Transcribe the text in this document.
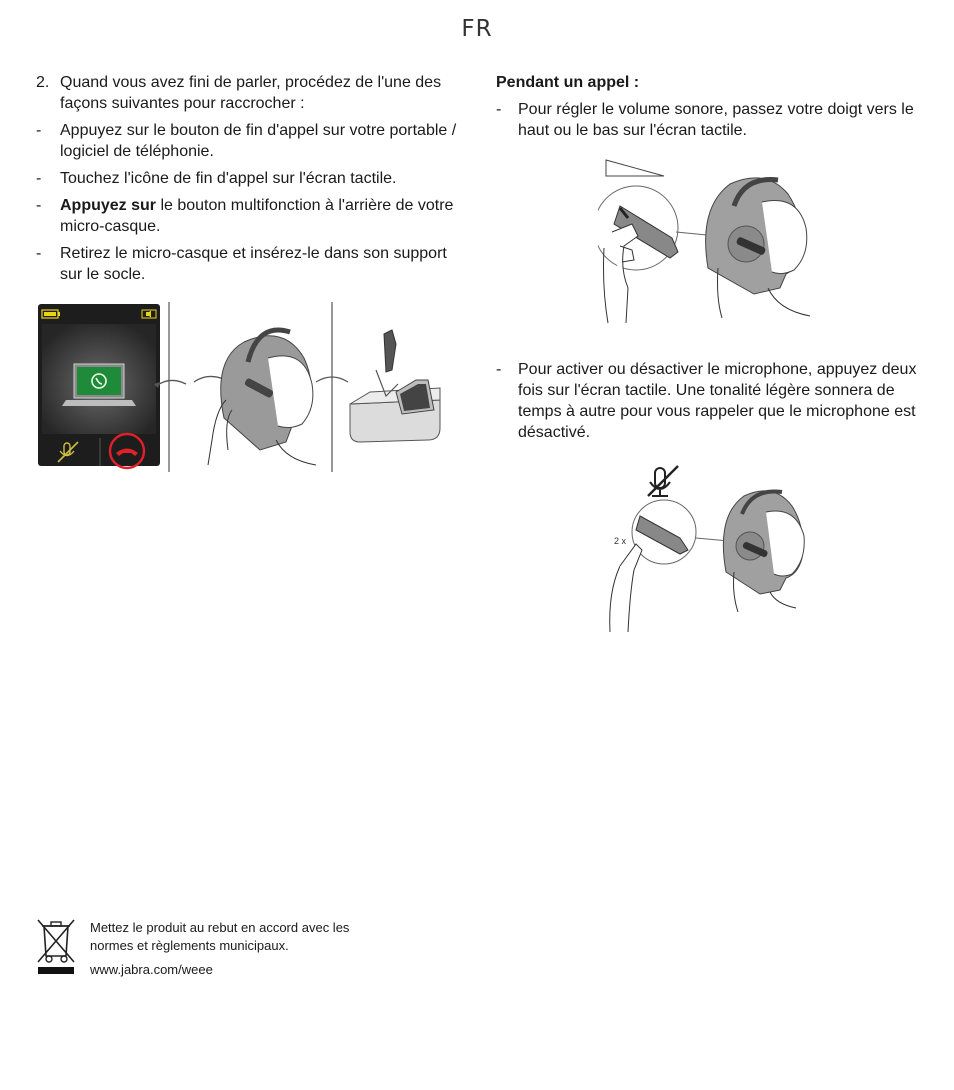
FR
2. Quand vous avez fini de parler, procédez de l'une des façons suivantes pour raccrocher :
- Appuyez sur le bouton de fin d'appel sur votre portable / logiciel de téléphonie.
- Touchez l'icône de fin d'appel sur l'écran tactile.
- Appuyez sur le bouton multifonction à l'arrière de votre micro-casque.
- Retirez le micro-casque et insérez-le dans son support sur le socle.
Pendant un appel :
- Pour régler le volume sonore, passez votre doigt vers le haut ou le bas sur l'écran tactile.
- Pour activer ou désactiver le microphone, appuyez deux fois sur l'écran tactile. Une tonalité légère sonnera de temps à autre pour vous rappeler que le microphone est désactivé.
2 x
Mettez le produit au rebut en accord avec les
normes et règlements municipaux.
www.jabra.com/weee
